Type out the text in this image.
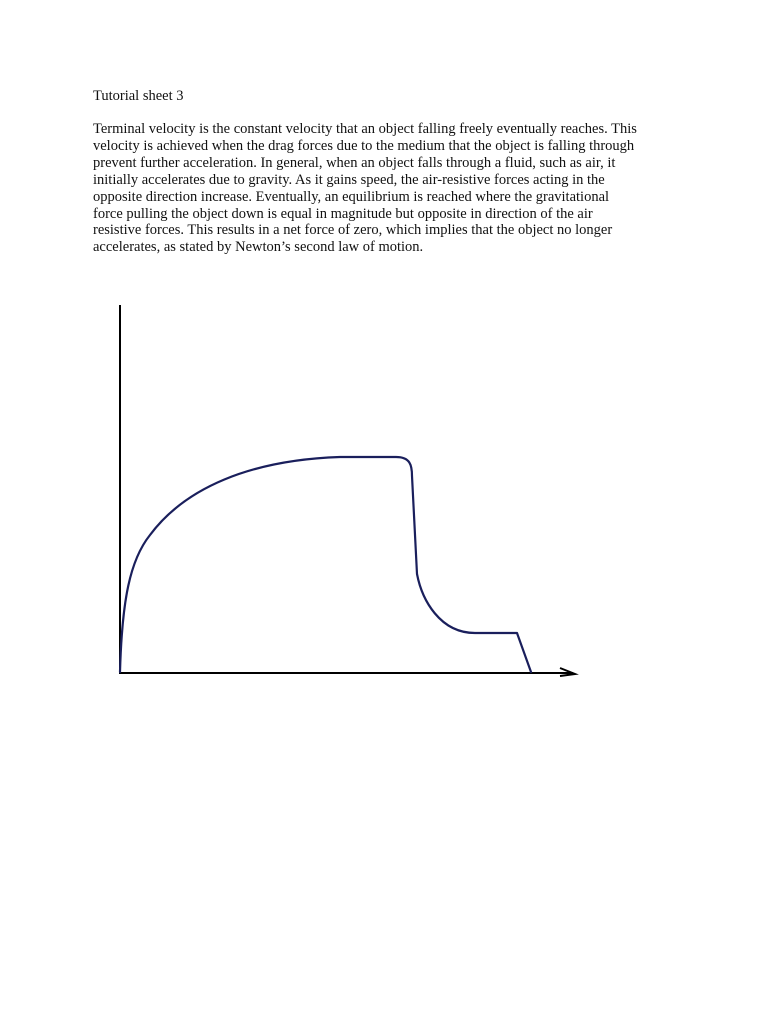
Tutorial sheet 3

Terminal velocity is the constant velocity that an object falling freely eventually reaches. This
velocity is achieved when the drag forces due to the medium that the object is falling through
prevent further acceleration. In general, when an object falls through a fluid, such as air, it
initially accelerates due to gravity. As it gains speed, the air-resistive forces acting in the
opposite direction increase. Eventually, an equilibrium is reached where the gravitational
force pulling the object down is equal in magnitude but opposite in direction of the air
resistive forces. This results in a net force of zero, which implies that the object no longer
accelerates, as stated by Newton’s second law of motion.
